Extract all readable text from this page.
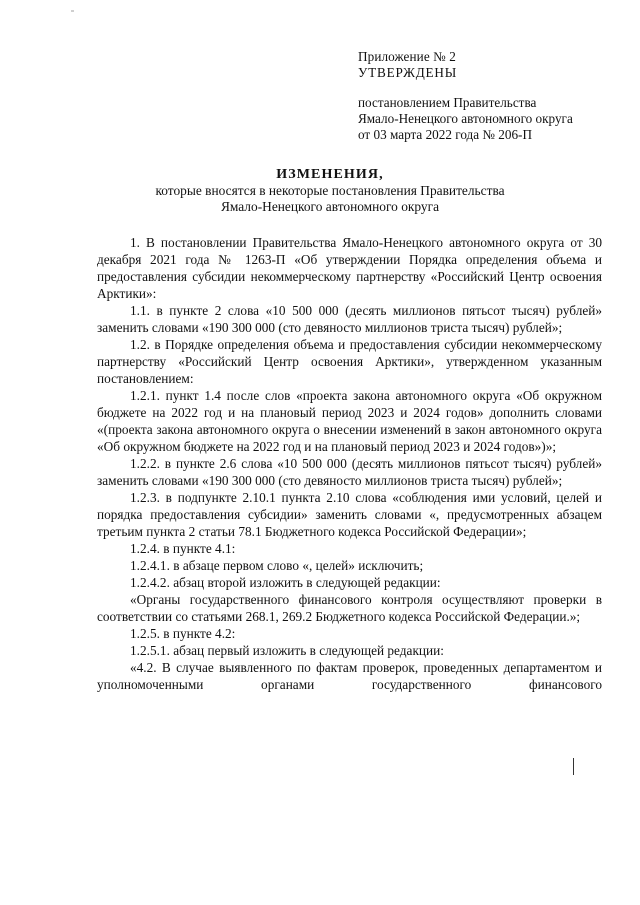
Приложение № 2
УТВЕРЖДЕНЫ
постановлением Правительства
Ямало-Ненецкого автономного округа
от 03 марта 2022 года № 206-П
ИЗМЕНЕНИЯ,
которые вносятся в некоторые постановления Правительства
Ямало-Ненецкого автономного округа

1. В постановлении Правительства Ямало-Ненецкого автономного округа от 30 декабря 2021 года № 1263-П «Об утверждении Порядка определения объема и предоставления субсидии некоммерческому партнерству «Российский Центр освоения Арктики»:

1.1. в пункте 2 слова «10 500 000 (десять миллионов пятьсот тысяч) рублей» заменить словами «190 300 000 (сто девяносто миллионов триста тысяч) рублей»;

1.2. в Порядке определения объема и предоставления субсидии некоммерческому партнерству «Российский Центр освоения Арктики», утвержденном указанным постановлением:

1.2.1. пункт 1.4 после слов «проекта закона автономного округа «Об окружном бюджете на 2022 год и на плановый период 2023 и 2024 годов» дополнить словами «(проекта закона автономного округа о внесении изменений в закон автономного округа «Об окружном бюджете на 2022 год и на плановый период 2023 и 2024 годов»)»;

1.2.2. в пункте 2.6 слова «10 500 000 (десять миллионов пятьсот тысяч) рублей» заменить словами «190 300 000 (сто девяносто миллионов триста тысяч) рублей»;

1.2.3. в подпункте 2.10.1 пункта 2.10 слова «соблюдения ими условий, целей и порядка предоставления субсидии» заменить словами «, предусмотренных абзацем третьим пункта 2 статьи 78.1 Бюджетного кодекса Российской Федерации»;

1.2.4. в пункте 4.1:

1.2.4.1. в абзаце первом слово «, целей» исключить;

1.2.4.2. абзац второй изложить в следующей редакции:

«Органы государственного финансового контроля осуществляют проверки в соответствии со статьями 268.1, 269.2 Бюджетного кодекса Российской Федерации.»;

1.2.5. в пункте 4.2:

1.2.5.1. абзац первый изложить в следующей редакции:

«4.2. В случае выявленного по фактам проверок, проведенных департаментом и уполномоченными органами государственного финансового
